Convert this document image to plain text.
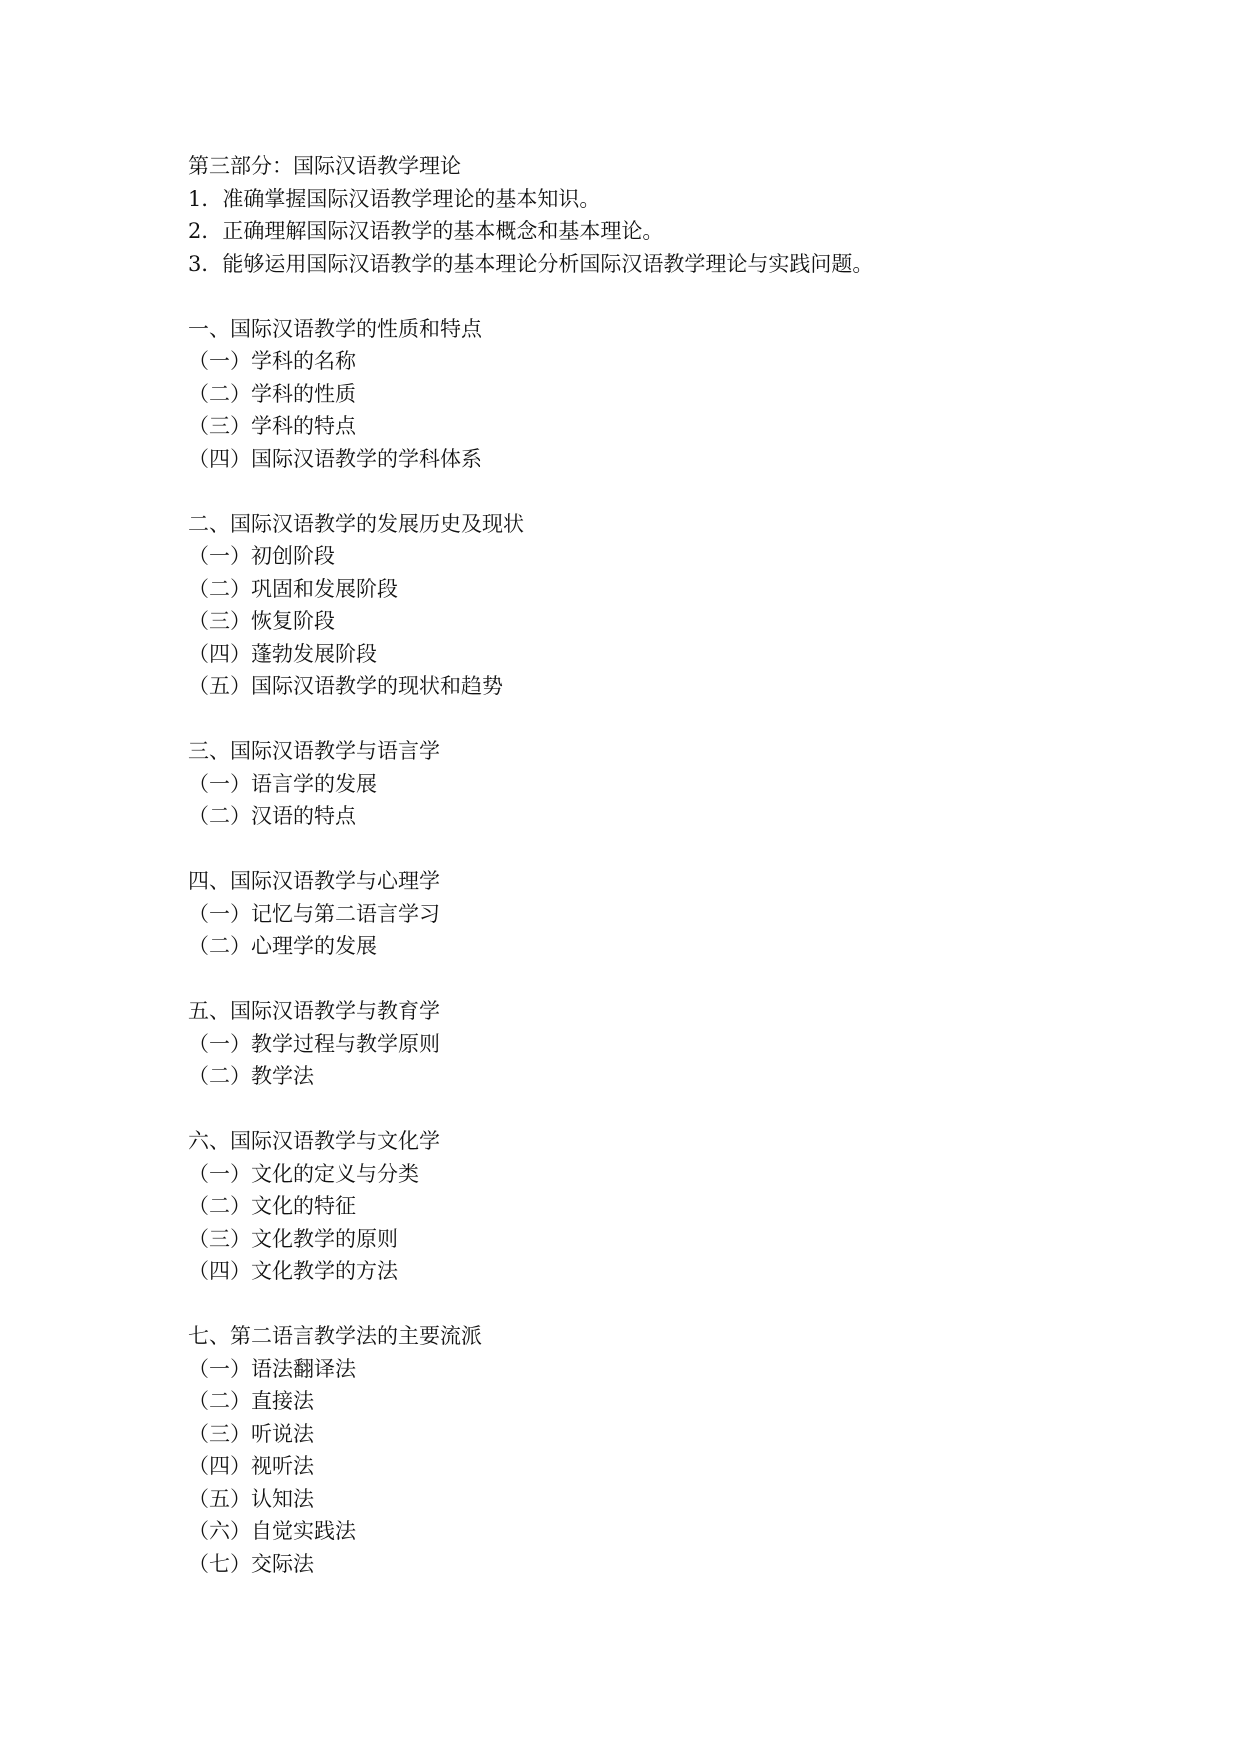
第三部分：国际汉语教学理论
1．准确掌握国际汉语教学理论的基本知识。
2．正确理解国际汉语教学的基本概念和基本理论。
3．能够运用国际汉语教学的基本理论分析国际汉语教学理论与实践问题。
一、国际汉语教学的性质和特点
（一）学科的名称
（二）学科的性质
（三）学科的特点
（四）国际汉语教学的学科体系
二、国际汉语教学的发展历史及现状
（一）初创阶段
（二）巩固和发展阶段
（三）恢复阶段
（四）蓬勃发展阶段
（五）国际汉语教学的现状和趋势
三、国际汉语教学与语言学
（一）语言学的发展
（二）汉语的特点
四、国际汉语教学与心理学
（一）记忆与第二语言学习
（二）心理学的发展
五、国际汉语教学与教育学
（一）教学过程与教学原则
（二）教学法
六、国际汉语教学与文化学
（一）文化的定义与分类
（二）文化的特征
（三）文化教学的原则
（四）文化教学的方法
七、第二语言教学法的主要流派
（一）语法翻译法
（二）直接法
（三）听说法
（四）视听法
（五）认知法
（六）自觉实践法
（七）交际法
